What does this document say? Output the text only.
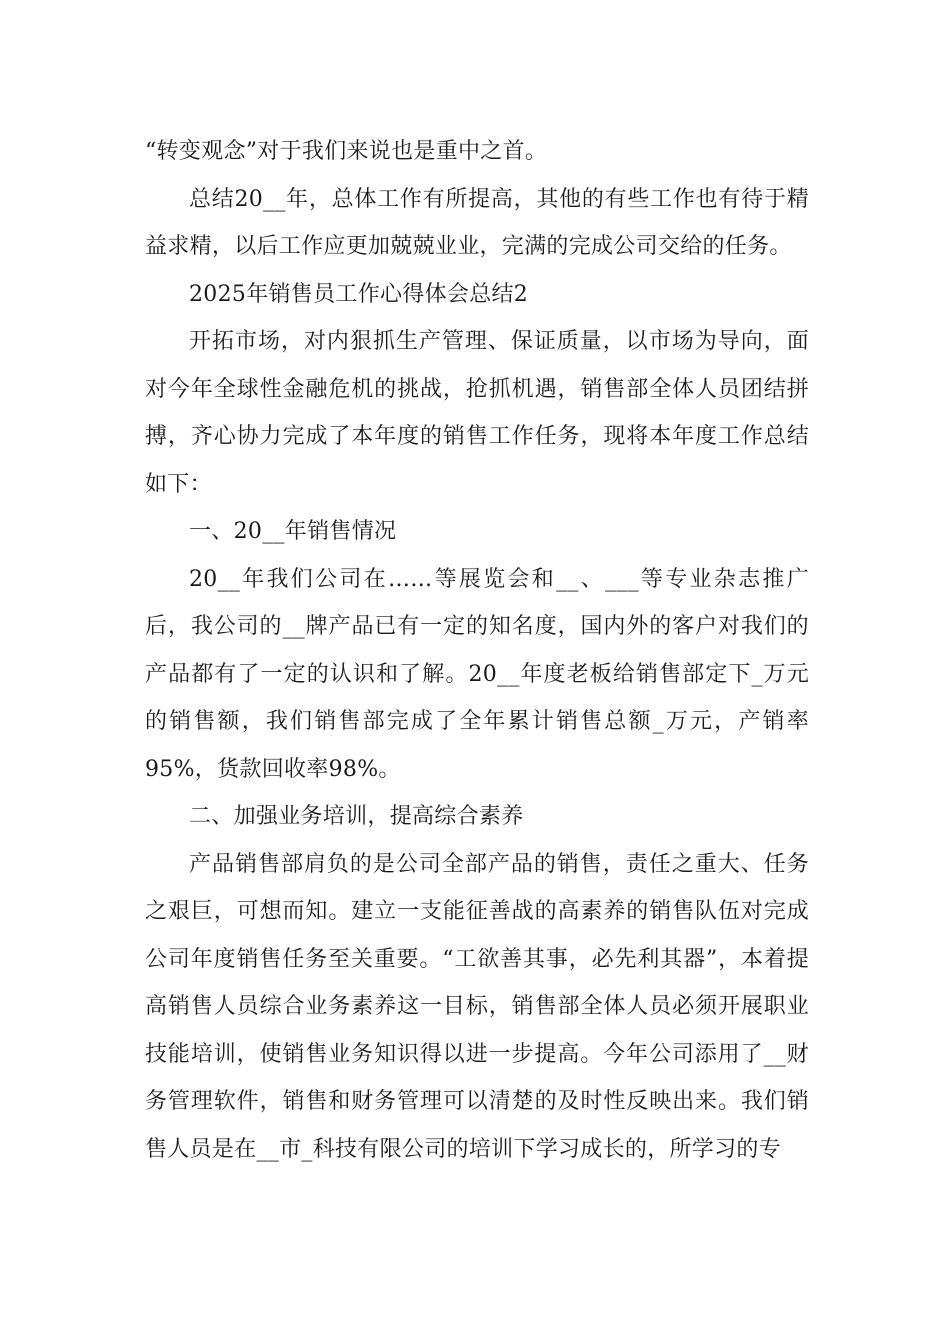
“转变观念”对于我们来说也是重中之首。

总结20__年，总体工作有所提高，其他的有些工作也有待于精益求精，以后工作应更加兢兢业业，完满的完成公司交给的任务。

2025年销售员工作心得体会总结2

开拓市场，对内狠抓生产管理、保证质量，以市场为导向，面对今年全球性金融危机的挑战，抢抓机遇，销售部全体人员团结拼搏，齐心协力完成了本年度的销售工作任务，现将本年度工作总结如下：

一、20__年销售情况

20__年我们公司在……等展览会和__、___等专业杂志推广后，我公司的__牌产品已有一定的知名度，国内外的客户对我们的产品都有了一定的认识和了解。20__年度老板给销售部定下_万元的销售额，我们销售部完成了全年累计销售总额_万元，产销率95%，货款回收率98%。

二、加强业务培训，提高综合素养

产品销售部肩负的是公司全部产品的销售，责任之重大、任务之艰巨，可想而知。建立一支能征善战的高素养的销售队伍对完成公司年度销售任务至关重要。“工欲善其事，必先利其器”，本着提高销售人员综合业务素养这一目标，销售部全体人员必须开展职业技能培训，使销售业务知识得以进一步提高。今年公司添用了__财务管理软件，销售和财务管理可以清楚的及时性反映出来。我们销售人员是在__市_科技有限公司的培训下学习成长的，所学习的专
